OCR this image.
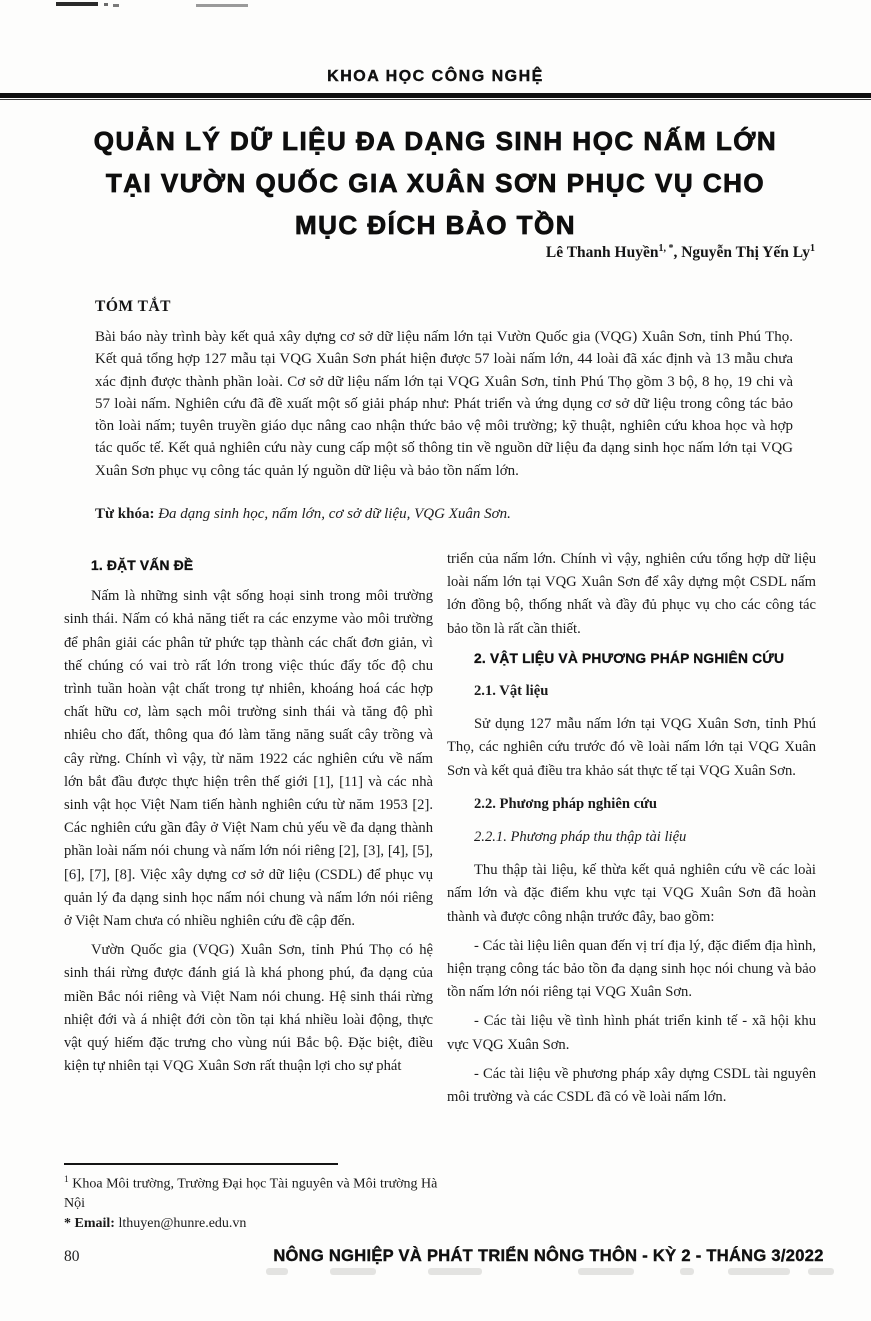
KHOA HỌC CÔNG NGHỆ
QUẢN LÝ DỮ LIỆU ĐA DẠNG SINH HỌC NẤM LỚN
TẠI VƯỜN QUỐC GIA XUÂN SƠN PHỤC VỤ CHO
MỤC ĐÍCH BẢO TỒN
Lê Thanh Huyền$^{1, *}$, Nguyễn Thị Yến Ly$^1$
TÓM TẮT
Bài báo này trình bày kết quả xây dựng cơ sở dữ liệu nấm lớn tại Vườn Quốc gia (VQG) Xuân Sơn, tỉnh Phú Thọ. Kết quả tổng hợp 127 mẫu tại VQG Xuân Sơn phát hiện được 57 loài nấm lớn, 44 loài đã xác định và 13 mẫu chưa xác định được thành phần loài. Cơ sở dữ liệu nấm lớn tại VQG Xuân Sơn, tỉnh Phú Thọ gồm 3 bộ, 8 họ, 19 chi và 57 loài nấm. Nghiên cứu đã đề xuất một số giải pháp như: Phát triển và ứng dụng cơ sở dữ liệu trong công tác bảo tồn loài nấm; tuyên truyền giáo dục nâng cao nhận thức bảo vệ môi trường; kỹ thuật, nghiên cứu khoa học và hợp tác quốc tế. Kết quả nghiên cứu này cung cấp một số thông tin về nguồn dữ liệu đa dạng sinh học nấm lớn tại VQG Xuân Sơn phục vụ công tác quản lý nguồn dữ liệu và bảo tồn nấm lớn.
Từ khóa: Đa dạng sinh học, nấm lớn, cơ sở dữ liệu, VQG Xuân Sơn.
1. ĐẶT VẤN ĐỀ

Nấm là những sinh vật sống hoại sinh trong môi trường sinh thái. Nấm có khả năng tiết ra các enzyme vào môi trường để phân giải các phân tử phức tạp thành các chất đơn giản, vì thế chúng có vai trò rất lớn trong việc thúc đẩy tốc độ chu trình tuần hoàn vật chất trong tự nhiên, khoáng hoá các hợp chất hữu cơ, làm sạch môi trường sinh thái và tăng độ phì nhiêu cho đất, thông qua đó làm tăng năng suất cây trồng và cây rừng. Chính vì vậy, từ năm 1922 các nghiên cứu về nấm lớn bắt đầu được thực hiện trên thế giới [1], [11] và các nhà sinh vật học Việt Nam tiến hành nghiên cứu từ năm 1953 [2]. Các nghiên cứu gần đây ở Việt Nam chủ yếu về đa dạng thành phần loài nấm nói chung và nấm lớn nói riêng [2], [3], [4], [5], [6], [7], [8]. Việc xây dựng cơ sở dữ liệu (CSDL) để phục vụ quản lý đa dạng sinh học nấm nói chung và nấm lớn nói riêng ở Việt Nam chưa có nhiều nghiên cứu đề cập đến.

Vườn Quốc gia (VQG) Xuân Sơn, tỉnh Phú Thọ có hệ sinh thái rừng được đánh giá là khá phong phú, đa dạng của miền Bắc nói riêng và Việt Nam nói chung. Hệ sinh thái rừng nhiệt đới và á nhiệt đới còn tồn tại khá nhiều loài động, thực vật quý hiếm đặc trưng cho vùng núi Bắc bộ. Đặc biệt, điều kiện tự nhiên tại VQG Xuân Sơn rất thuận lợi cho sự phát

triển của nấm lớn. Chính vì vậy, nghiên cứu tổng hợp dữ liệu loài nấm lớn tại VQG Xuân Sơn để xây dựng một CSDL nấm lớn đồng bộ, thống nhất và đầy đủ phục vụ cho các công tác bảo tồn là rất cần thiết.

2. VẬT LIỆU VÀ PHƯƠNG PHÁP NGHIÊN CỨU
2.1. Vật liệu

Sử dụng 127 mẫu nấm lớn tại VQG Xuân Sơn, tỉnh Phú Thọ, các nghiên cứu trước đó về loài nấm lớn tại VQG Xuân Sơn và kết quả điều tra khảo sát thực tế tại VQG Xuân Sơn.

2.2. Phương pháp nghiên cứu
2.2.1. Phương pháp thu thập tài liệu

Thu thập tài liệu, kế thừa kết quả nghiên cứu về các loài nấm lớn và đặc điểm khu vực tại VQG Xuân Sơn đã hoàn thành và được công nhận trước đây, bao gồm:

- Các tài liệu liên quan đến vị trí địa lý, đặc điểm địa hình, hiện trạng công tác bảo tồn đa dạng sinh học nói chung và bảo tồn nấm lớn nói riêng tại VQG Xuân Sơn.

- Các tài liệu về tình hình phát triển kinh tế - xã hội khu vực VQG Xuân Sơn.

- Các tài liệu về phương pháp xây dựng CSDL tài nguyên môi trường và các CSDL đã có về loài nấm lớn.

$^1$ Khoa Môi trường, Trường Đại học Tài nguyên và Môi trường Hà Nội
* Email: lthuyen@hunre.edu.vn
80	NÔNG NGHIỆP VÀ PHÁT TRIỂN NÔNG THÔN - KỲ 2 - THÁNG 3/2022
